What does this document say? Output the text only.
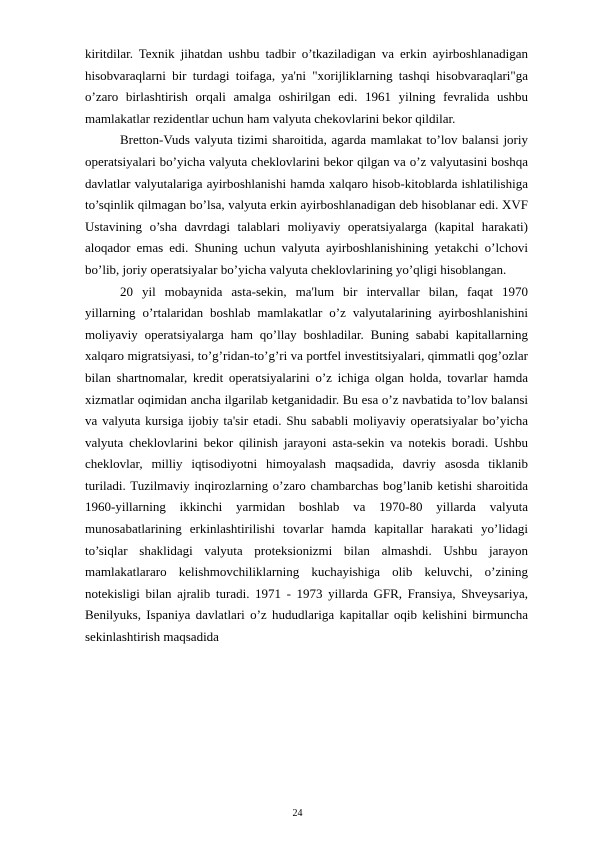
kiritdilar. Texnik jihatdan ushbu tadbir o’tkaziladigan va erkin ayirboshlanadigan hisobvaraqlarni bir turdagi toifaga, ya'ni "xorijliklarning tashqi hisobvaraqlari"ga o’zaro birlashtirish orqali amalga oshirilgan edi. 1961 yilning fevralida ushbu mamlakatlar rezidentlar uchun ham valyuta chekovlarini bekor qildilar.

Bretton-Vuds valyuta tizimi sharoitida, agarda mamlakat to’lov balansi joriy operatsiyalari bo’yicha valyuta cheklovlarini bekor qilgan va o’z valyutasini boshqa davlatlar valyutalariga ayirboshlanishi hamda xalqaro hisob-kitoblarda ishlatilishiga to’sqinlik qilmagan bo’lsa, valyuta erkin ayirboshlanadigan deb hisoblanar edi. XVF Ustavining o’sha davrdagi talablari moliyaviy operatsiyalarga (kapital harakati) aloqador emas edi. Shuning uchun valyuta ayirboshlanishining yetakchi o’lchovi bo’lib, joriy operatsiyalar bo’yicha valyuta cheklovlarining yo’qligi hisoblangan.

20 yil mobaynida asta-sekin, ma'lum bir intervallar bilan, faqat 1970 yillarning o’rtalaridan boshlab mamlakatlar o’z valyutalarining ayirboshlanishini moliyaviy operatsiyalarga ham qo’llay boshladilar. Buning sababi kapitallarning xalqaro migratsiyasi, to’g’ridan-to’g’ri va portfel investitsiyalari, qimmatli qog’ozlar bilan shartnomalar, kredit operatsiyalarini o’z ichiga olgan holda, tovarlar hamda xizmatlar oqimidan ancha ilgarilab ketganidadir. Bu esa o’z navbatida to’lov balansi va valyuta kursiga ijobiy ta'sir etadi. Shu sababli moliyaviy operatsiyalar bo’yicha valyuta cheklovlarini bekor qilinish jarayoni asta-sekin va notekis boradi. Ushbu cheklovlar, milliy iqtisodiyotni himoyalash maqsadida, davriy asosda tiklanib turiladi. Tuzilmaviy inqirozlarning o’zaro chambarchas bog’lanib ketishi sharoitida 1960-yillarning ikkinchi yarmidan boshlab va 1970-80 yillarda valyuta munosabatlarining erkinlashtirilishi tovarlar hamda kapitallar harakati yo’lidagi to’siqlar shaklidagi valyuta proteksionizmi bilan almashdi. Ushbu jarayon mamlakatlararo kelishmovchiliklarning kuchayishiga olib keluvchi, o’zining notekisligi bilan ajralib turadi. 1971 - 1973 yillarda GFR, Fransiya, Shveysariya, Benilyuks, Ispaniya davlatlari o’z hududlariga kapitallar oqib kelishini birmuncha sekinlashtirish maqsadida

24
